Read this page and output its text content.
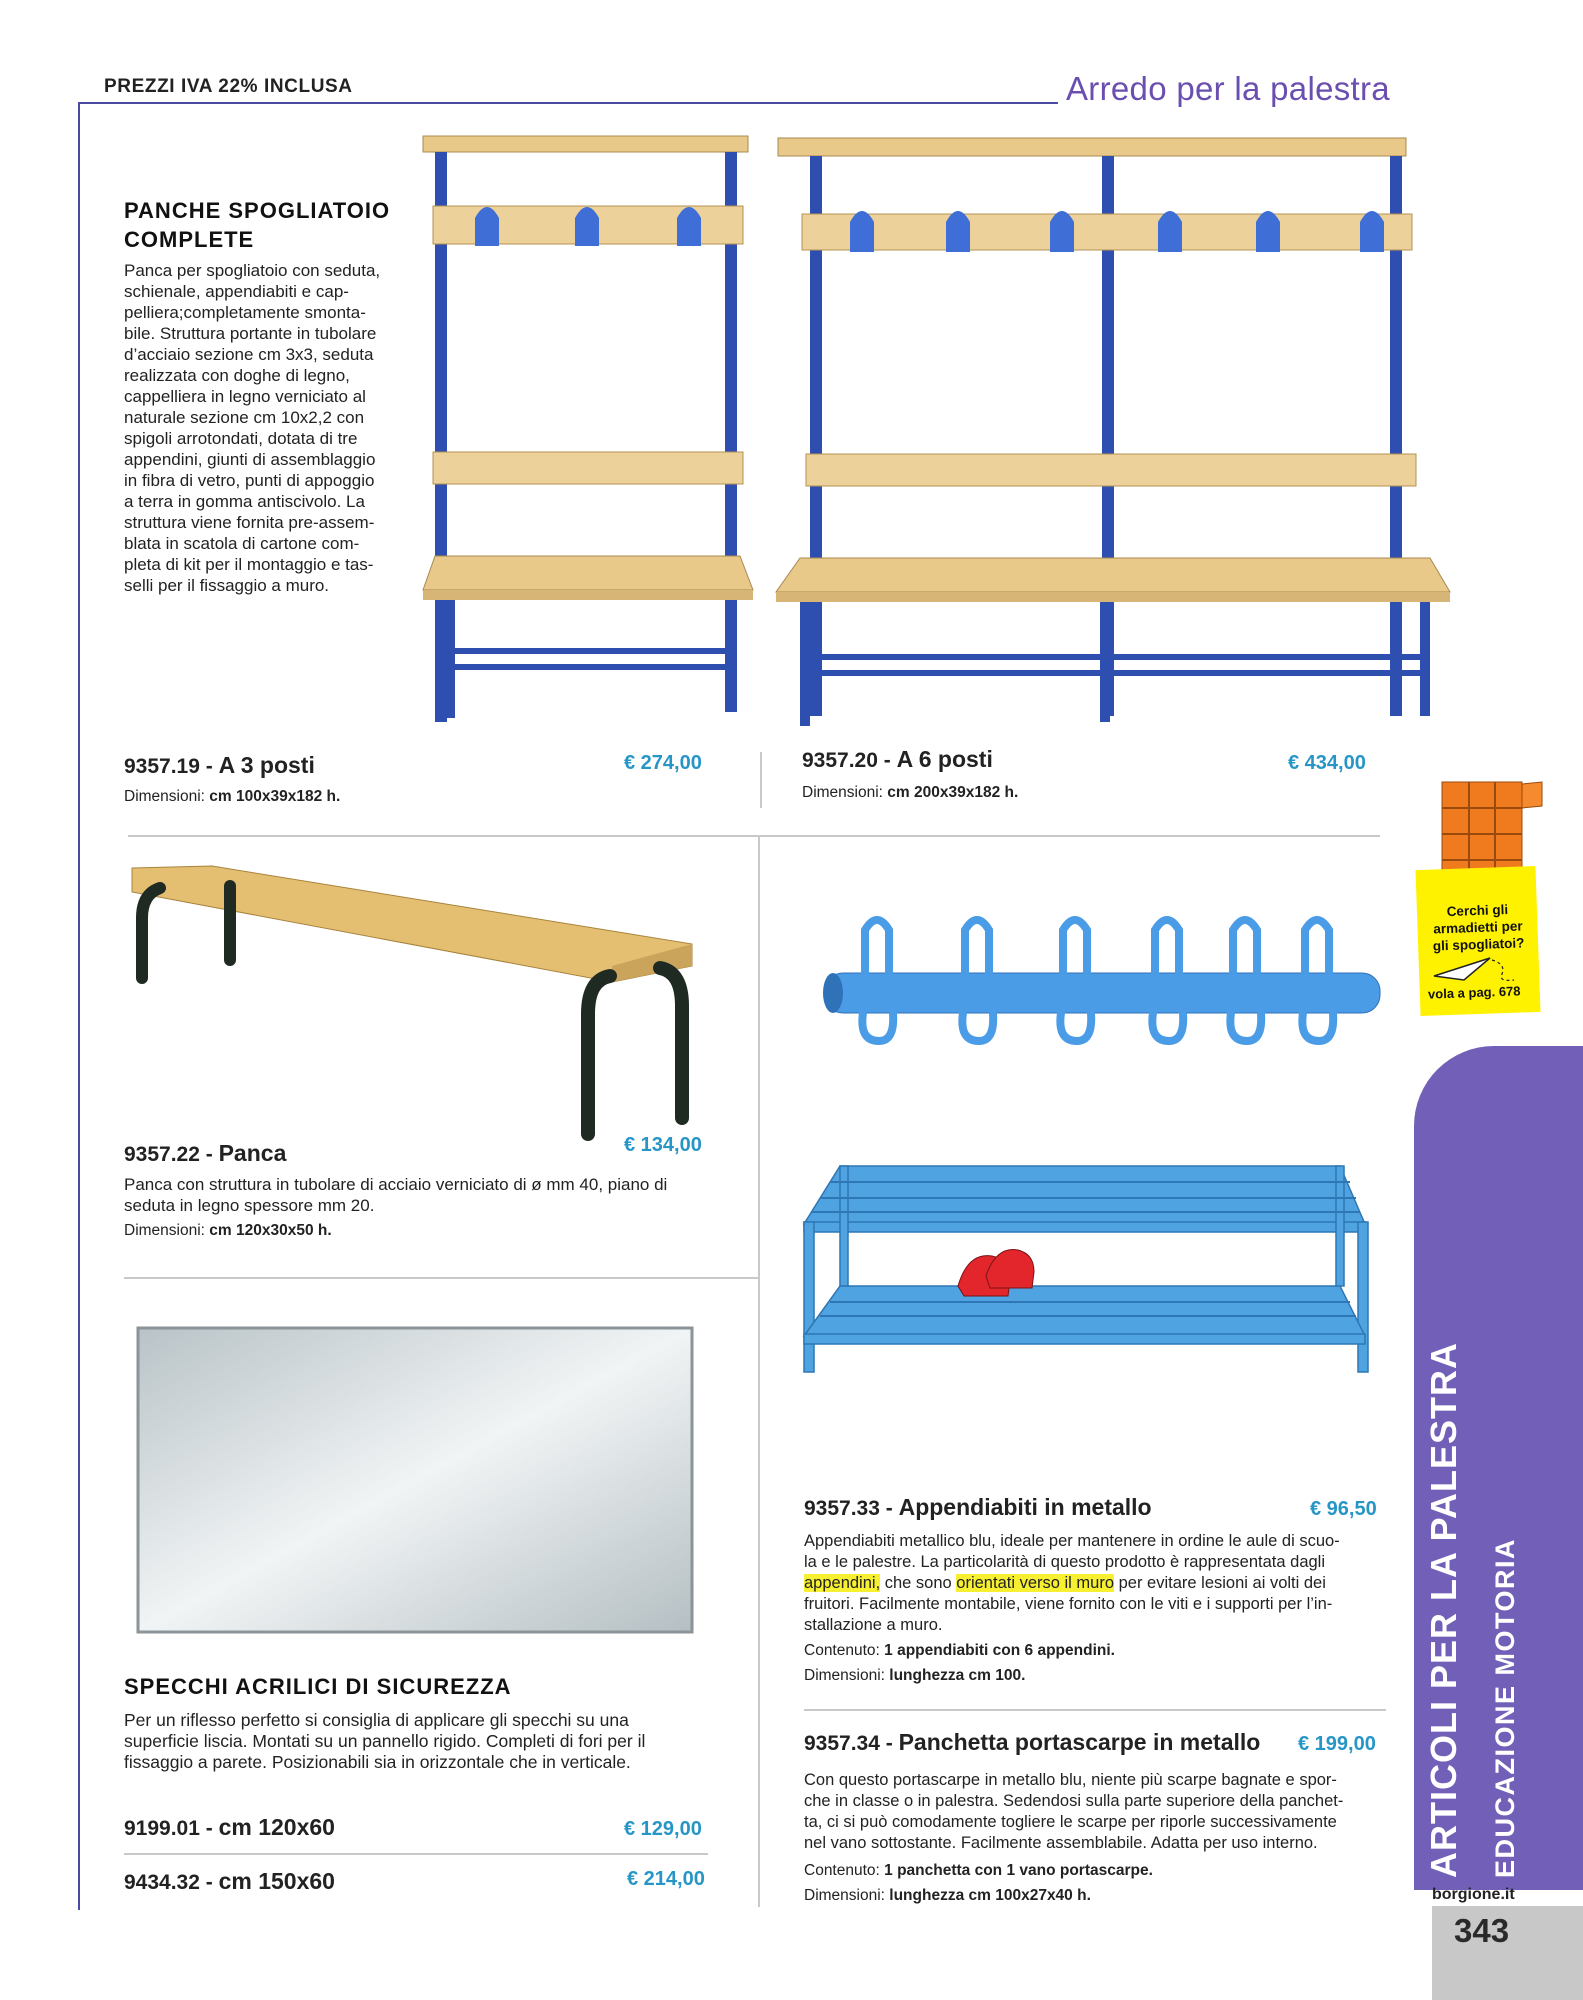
PREZZI IVA 22% INCLUSA	Arredo per la palestra
PANCHE SPOGLIATOIO
COMPLETE
Panca per spogliatoio con seduta,
schienale, appendiabiti e cap-
pelliera;completamente smonta-
bile. Struttura portante in tubolare
d’acciaio sezione cm 3x3, seduta
realizzata con doghe di legno,
cappelliera in legno verniciato al
naturale sezione cm 10x2,2 con
spigoli arrotondati, dotata di tre
appendini, giunti di assemblaggio
in fibra di vetro, punti di appoggio
a terra in gomma antiscivolo. La
struttura viene fornita pre-assem-
blata in scatola di cartone com-
pleta di kit per il montaggio e tas-
selli per il fissaggio a muro.
9357.19 - A 3 posti	€ 274,00
Dimensioni: cm 100x39x182 h.
9357.20 - A 6 posti	€ 434,00
Dimensioni: cm 200x39x182 h.
9357.22 - Panca	€ 134,00
Panca con struttura in tubolare di acciaio verniciato di ø mm 40, piano di
seduta in legno spessore mm 20.
Dimensioni: cm 120x30x50 h.
SPECCHI ACRILICI DI SICUREZZA
Per un riflesso perfetto si consiglia di applicare gli specchi su una
superficie liscia. Montati su un pannello rigido. Completi di fori per il
fissaggio a parete. Posizionabili sia in orizzontale che in verticale.
9199.01 - cm 120x60	€ 129,00
9434.32 - cm 150x60	€ 214,00
9357.33 - Appendiabiti in metallo	€ 96,50
Appendiabiti metallico blu, ideale per mantenere in ordine le aule di scuo-
la e le palestre. La particolarità di questo prodotto è rappresentata dagli
appendini, che sono orientati verso il muro per evitare lesioni ai volti dei
fruitori. Facilmente montabile, viene fornito con le viti e i supporti per l’in-
stallazione a muro.
Contenuto: 1 appendiabiti con 6 appendini.
Dimensioni: lunghezza cm 100.
9357.34 - Panchetta portascarpe in metallo € 199,00
Con questo portascarpe in metallo blu, niente più scarpe bagnate e spor-
che in classe o in palestra. Sedendosi sulla parte superiore della panchet-
ta, ci si può comodamente togliere le scarpe per riporle successivamente
nel vano sottostante. Facilmente assemblabile. Adatta per uso interno.
Contenuto: 1 panchetta con 1 vano portascarpe.
Dimensioni: lunghezza cm 100x27x40 h.
Cerchi gli
armadietti per
gli spogliatoi?
vola a pag. 678
ARTICOLI PER LA PALESTRA EDUCAZIONE MOTORIA
borgione.it
343
